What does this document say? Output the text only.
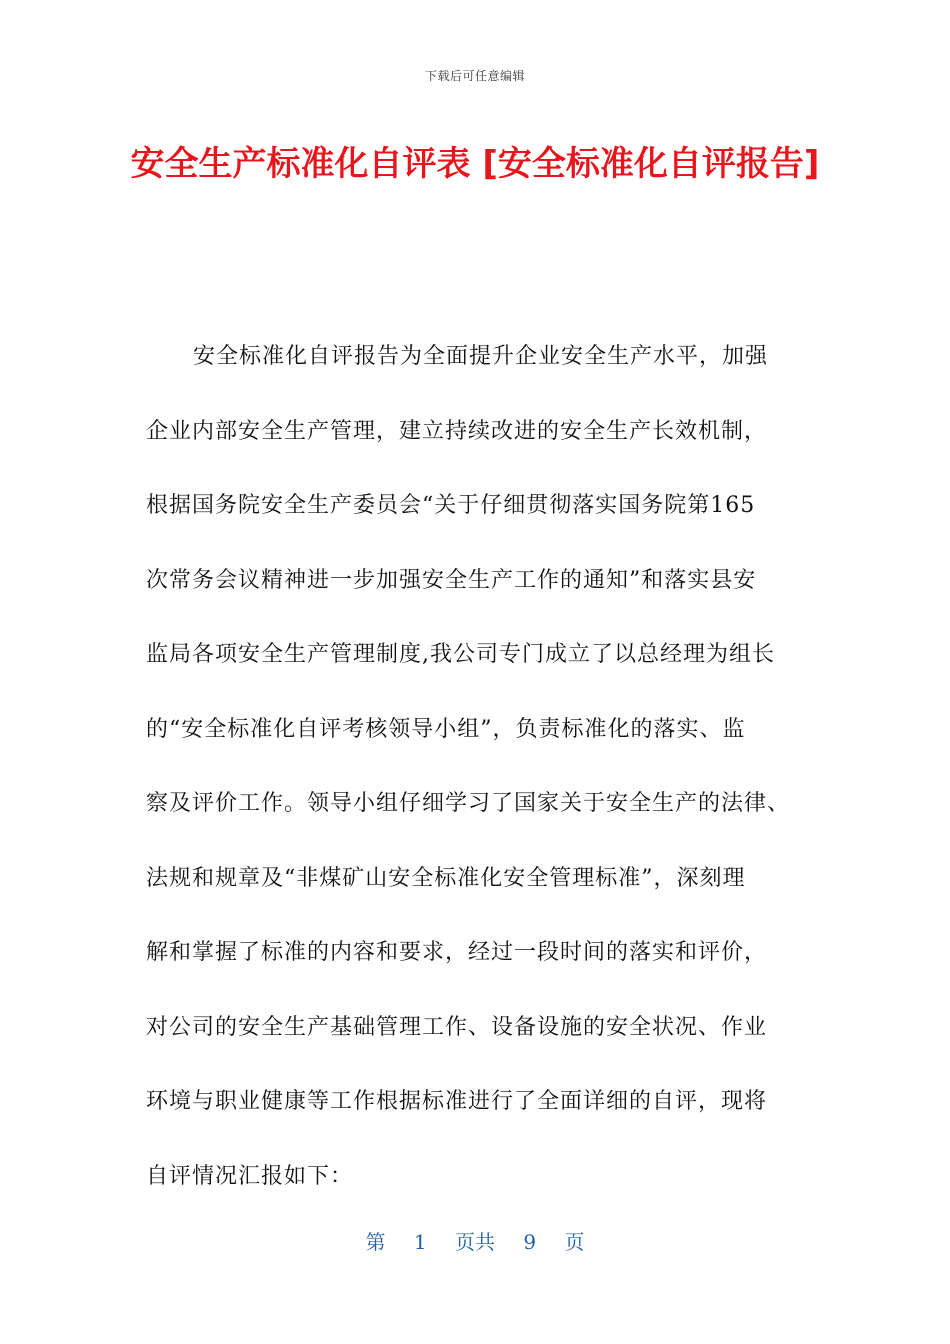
下载后可任意编辑
安全生产标准化自评表 [安全标准化自评报告]

安全标准化自评报告为全面提升企业安全生产水平，加强
企业内部安全生产管理，建立持续改进的安全生产长效机制，
根据国务院安全生产委员会“关于仔细贯彻落实国务院第165
次常务会议精神进一步加强安全生产工作的通知”和落实县安
监局各项安全生产管理制度,我公司专门成立了以总经理为组长
的“安全标准化自评考核领导小组”，负责标准化的落实、监
察及评价工作。领导小组仔细学习了国家关于安全生产的法律、
法规和规章及“非煤矿山安全标准化安全管理标准”，深刻理
解和掌握了标准的内容和要求，经过一段时间的落实和评价，
对公司的安全生产基础管理工作、设备设施的安全状况、作业
环境与职业健康等工作根据标准进行了全面详细的自评，现将
自评情况汇报如下：

第 1 页共 9 页
